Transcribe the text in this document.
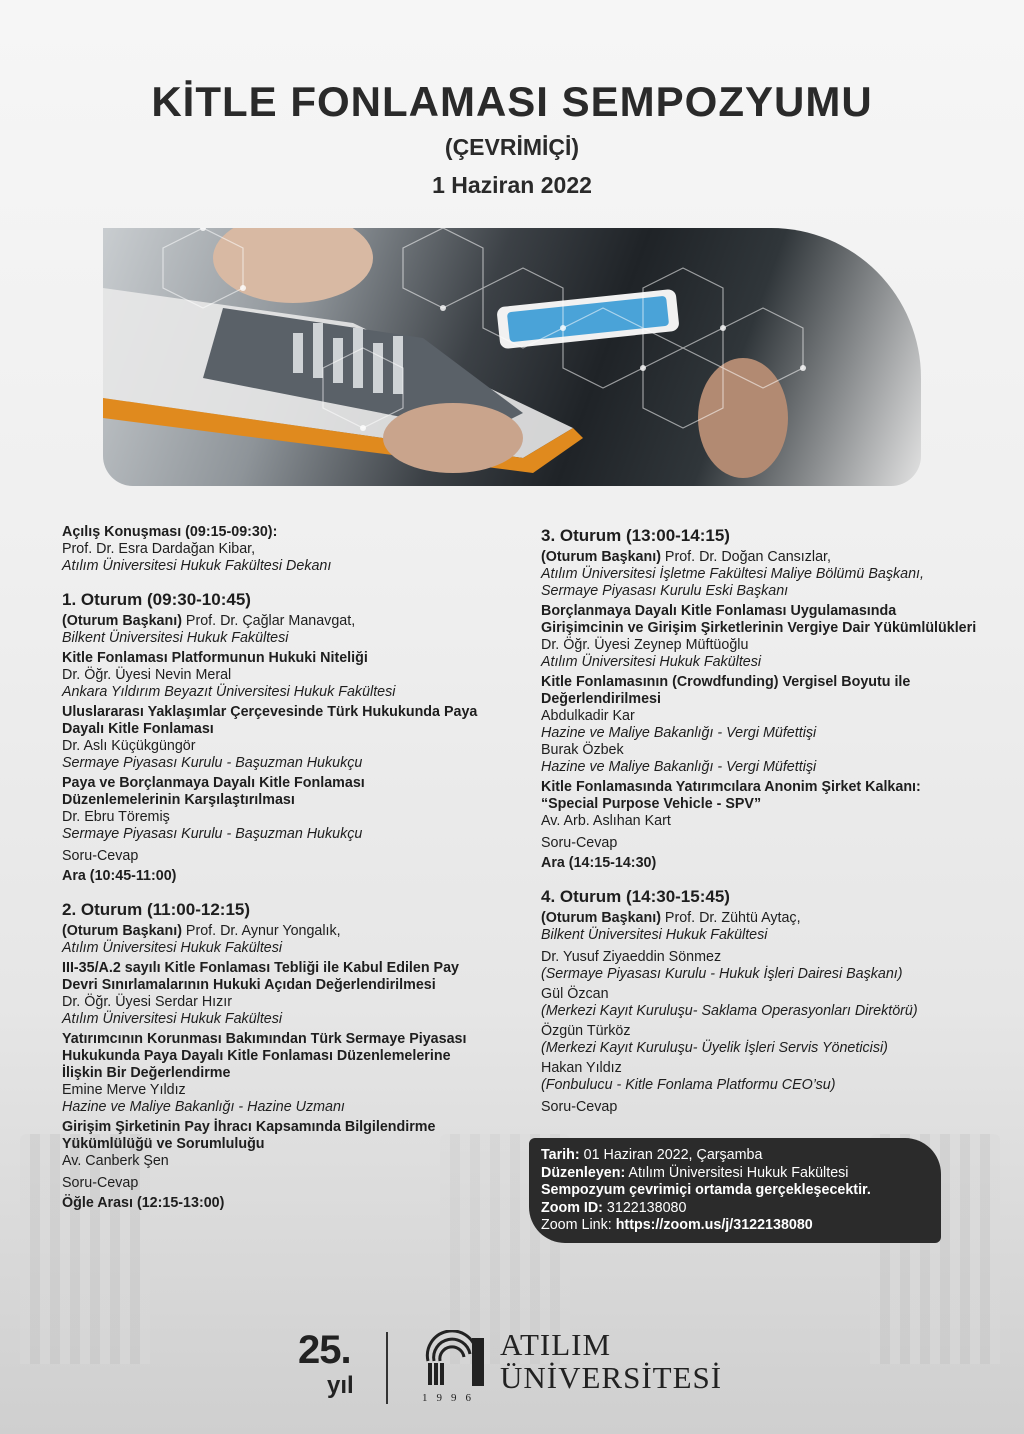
KİTLE FONLAMASI SEMPOZYUMU
(ÇEVRİMİÇİ)
1 Haziran 2022
Açılış Konuşması (09:15-09:30):
Prof. Dr. Esra Dardağan Kibar,
Atılım Üniversitesi Hukuk Fakültesi Dekanı
1. Oturum (09:30-10:45)
(Oturum Başkanı) Prof. Dr. Çağlar Manavgat,
Bilkent Üniversitesi Hukuk Fakültesi
Kitle Fonlaması Platformunun Hukuki Niteliği
Dr. Öğr. Üyesi Nevin Meral
Ankara Yıldırım Beyazıt Üniversitesi Hukuk Fakültesi
Uluslararası Yaklaşımlar Çerçevesinde Türk Hukukunda Paya Dayalı Kitle Fonlaması
Dr. Aslı Küçükgüngör
Sermaye Piyasası Kurulu - Başuzman Hukukçu
Paya ve Borçlanmaya Dayalı Kitle Fonlaması Düzenlemelerinin Karşılaştırılması
Dr. Ebru Töremiş
Sermaye Piyasası Kurulu - Başuzman Hukukçu
Soru-Cevap
Ara (10:45-11:00)
2. Oturum (11:00-12:15)
(Oturum Başkanı) Prof. Dr. Aynur Yongalık,
Atılım Üniversitesi Hukuk Fakültesi
III-35/A.2 sayılı Kitle Fonlaması Tebliği ile Kabul Edilen Pay Devri Sınırlamalarının Hukuki Açıdan Değerlendirilmesi
Dr. Öğr. Üyesi Serdar Hızır
Atılım Üniversitesi Hukuk Fakültesi
Yatırımcının Korunması Bakımından Türk Sermaye Piyasası Hukukunda Paya Dayalı Kitle Fonlaması Düzenlemelerine İlişkin Bir Değerlendirme
Emine Merve Yıldız
Hazine ve Maliye Bakanlığı - Hazine Uzmanı
Girişim Şirketinin Pay İhracı Kapsamında Bilgilendirme Yükümlülüğü ve Sorumluluğu
Av. Canberk Şen
Soru-Cevap
Öğle Arası (12:15-13:00)
3. Oturum (13:00-14:15)
(Oturum Başkanı) Prof. Dr. Doğan Cansızlar,
Atılım Üniversitesi İşletme Fakültesi Maliye Bölümü Başkanı, Sermaye Piyasası Kurulu Eski Başkanı
Borçlanmaya Dayalı Kitle Fonlaması Uygulamasında Girişimcinin ve Girişim Şirketlerinin Vergiye Dair Yükümlülükleri
Dr. Öğr. Üyesi Zeynep Müftüoğlu
Atılım Üniversitesi Hukuk Fakültesi
Kitle Fonlamasının (Crowdfunding) Vergisel Boyutu ile Değerlendirilmesi
Abdulkadir Kar
Hazine ve Maliye Bakanlığı - Vergi Müfettişi
Burak Özbek
Hazine ve Maliye Bakanlığı - Vergi Müfettişi
Kitle Fonlamasında Yatırımcılara Anonim Şirket Kalkanı: “Special Purpose Vehicle - SPV”
Av. Arb. Aslıhan Kart
Soru-Cevap
Ara (14:15-14:30)
4. Oturum (14:30-15:45)
(Oturum Başkanı) Prof. Dr. Zühtü Aytaç,
Bilkent Üniversitesi Hukuk Fakültesi
Dr. Yusuf Ziyaeddin Sönmez
(Sermaye Piyasası Kurulu - Hukuk İşleri Dairesi Başkanı)
Gül Özcan
(Merkezi Kayıt Kuruluşu- Saklama Operasyonları Direktörü)
Özgün Türköz
(Merkezi Kayıt Kuruluşu- Üyelik İşleri Servis Yöneticisi)
Hakan Yıldız
(Fonbulucu - Kitle Fonlama Platformu CEO’su)
Soru-Cevap
Tarih: 01 Haziran 2022, Çarşamba
Düzenleyen: Atılım Üniversitesi Hukuk Fakültesi
Sempozyum çevrimiçi ortamda gerçekleşecektir.
Zoom ID: 3122138080
Zoom Link: https://zoom.us/j/3122138080
25.
yıl
ATILIM
ÜNİVERSİTESİ
1996
